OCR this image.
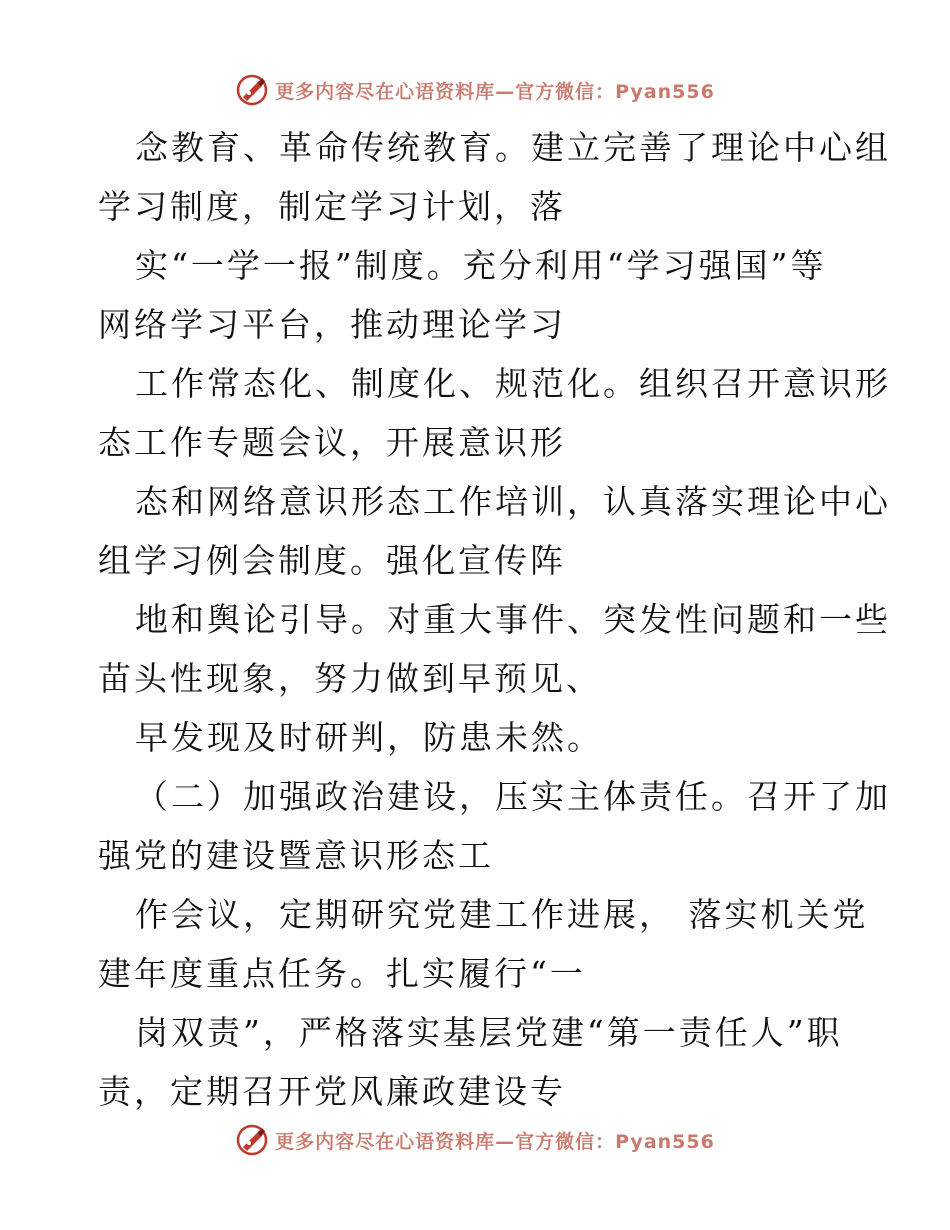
更多内容尽在心语资料库—官方微信：Pyan556
念教育、革命传统教育。建立完善了理论中心组
学习制度，制定学习计划，落
实“一学一报”制度。充分利用“学习强国”等
网络学习平台，推动理论学习
工作常态化、制度化、规范化。组织召开意识形
态工作专题会议，开展意识形
态和网络意识形态工作培训，认真落实理论中心
组学习例会制度。强化宣传阵
地和舆论引导。对重大事件、突发性问题和一些
苗头性现象，努力做到早预见、
早发现及时研判，防患未然。
（二）加强政治建设，压实主体责任。召开了加
强党的建设暨意识形态工
作会议，定期研究党建工作进展， 落实机关党
建年度重点任务。扎实履行“一
岗双责”，严格落实基层党建“第一责任人”职
责，定期召开党风廉政建设专
更多内容尽在心语资料库—官方微信：Pyan556
